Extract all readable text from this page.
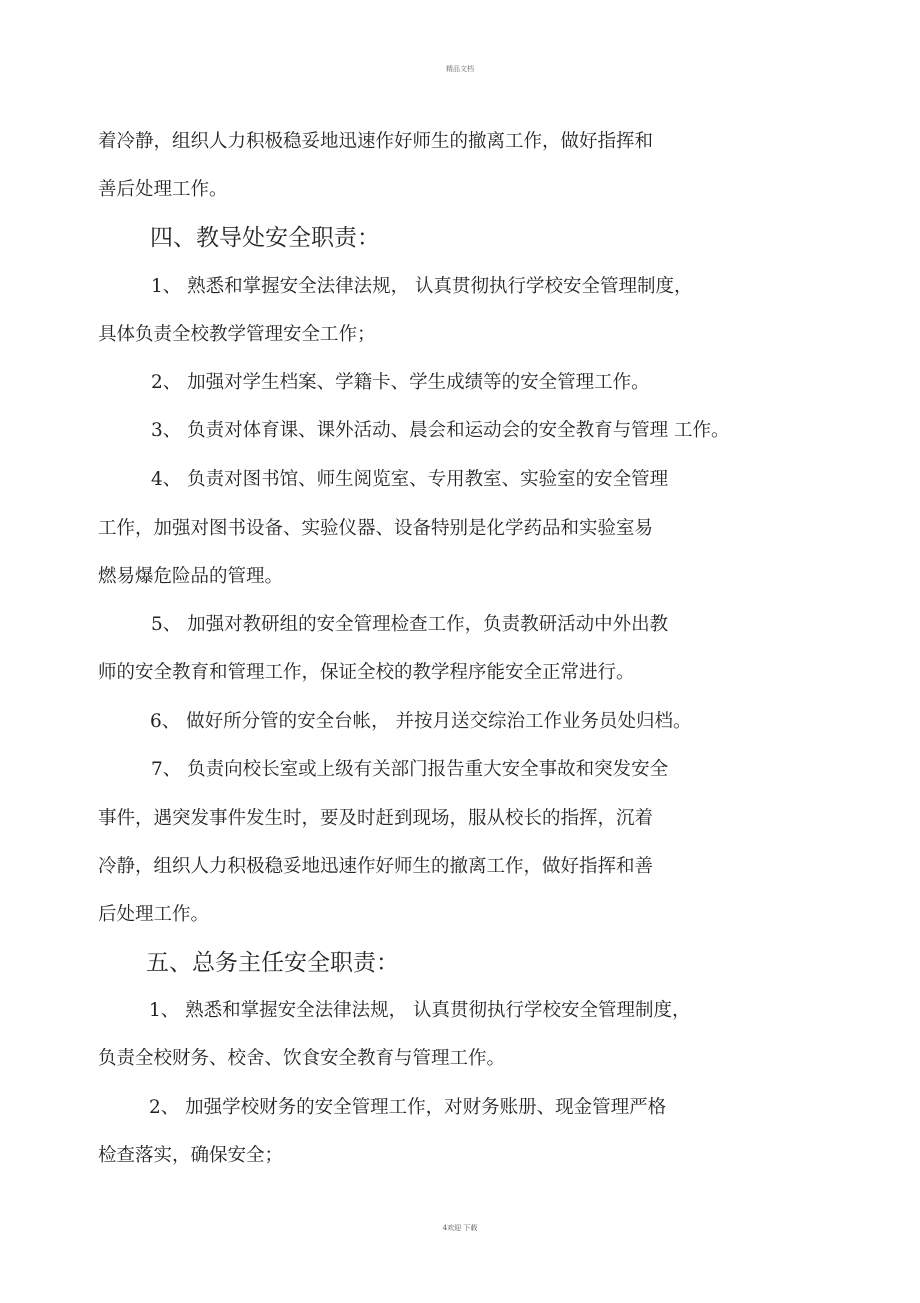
精品文档
着冷静，组织人力积极稳妥地迅速作好师生的撤离工作，做好指挥和
善后处理工作。
四、教导处安全职责：
1、 熟悉和掌握安全法律法规， 认真贯彻执行学校安全管理制度，
具体负责全校教学管理安全工作；
2、 加强对学生档案、学籍卡、学生成绩等的安全管理工作。
3、 负责对体育课、课外活动、晨会和运动会的安全教育与管理 工作。
4、 负责对图书馆、师生阅览室、专用教室、实验室的安全管理
工作，加强对图书设备、实验仪器、设备特别是化学药品和实验室易
燃易爆危险品的管理。
5、 加强对教研组的安全管理检查工作，负责教研活动中外出教
师的安全教育和管理工作，保证全校的教学程序能安全正常进行。
6、 做好所分管的安全台帐， 并按月送交综治工作业务员处归档。
7、 负责向校长室或上级有关部门报告重大安全事故和突发安全
事件，遇突发事件发生时，要及时赶到现场，服从校长的指挥，沉着
冷静，组织人力积极稳妥地迅速作好师生的撤离工作，做好指挥和善
后处理工作。
五、总务主任安全职责：
1、 熟悉和掌握安全法律法规， 认真贯彻执行学校安全管理制度，
负责全校财务、校舍、饮食安全教育与管理工作。
2、 加强学校财务的安全管理工作，对财务账册、现金管理严格
检查落实，确保安全；
4欢迎 下载
